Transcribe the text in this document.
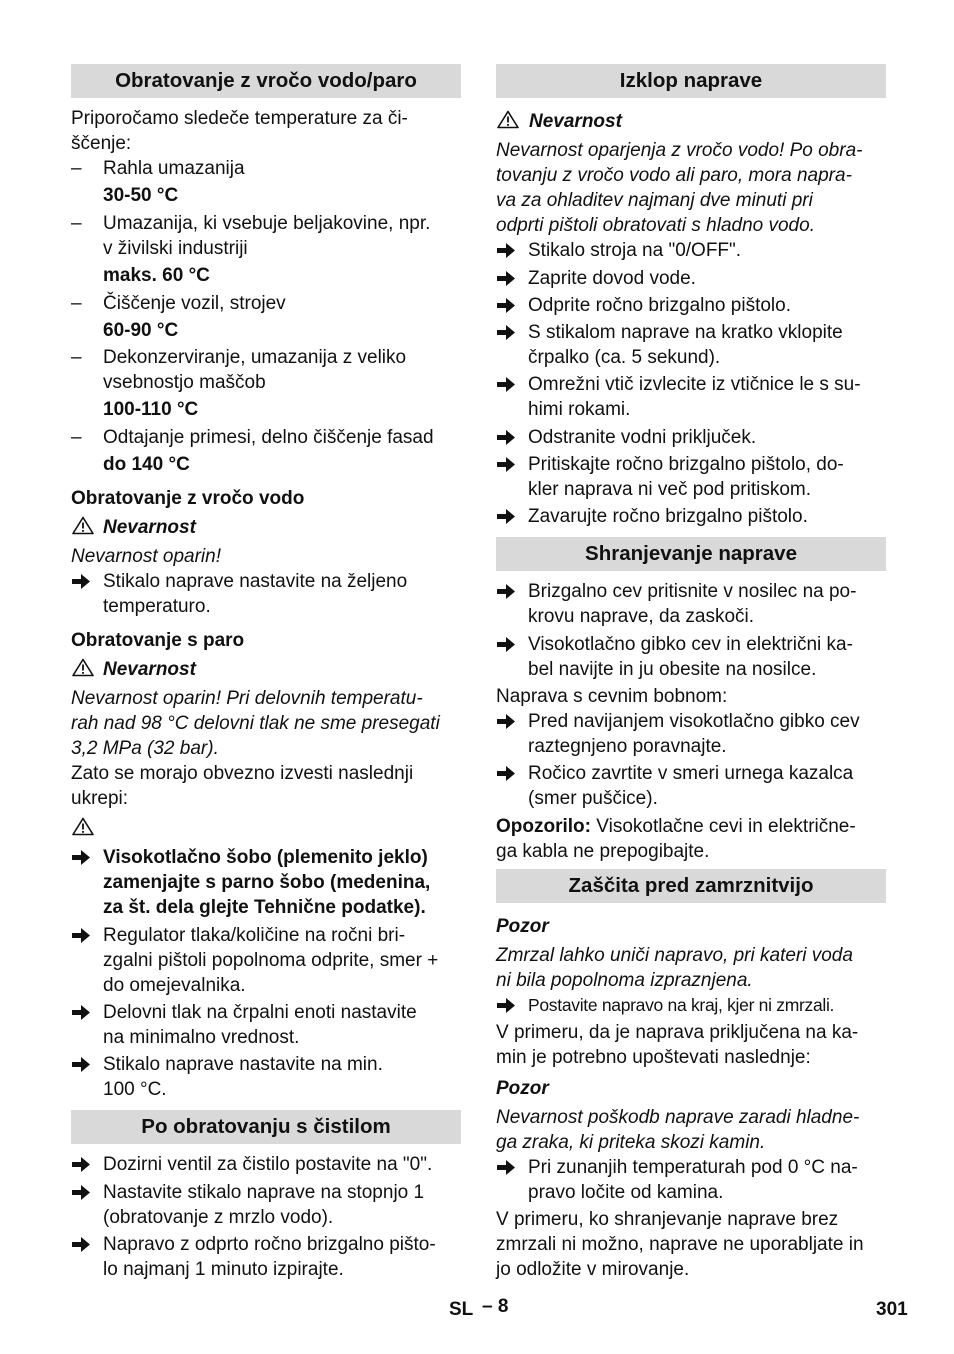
Obratovanje z vročo vodo/paro
Priporočamo sledeče temperature za či-
ščenje:
– Rahla umazanija
30-50 °C
– Umazanija, ki vsebuje beljakovine, npr.
v živilski industriji
maks. 60 °C
– Čiščenje vozil, strojev
60-90 °C
– Dekonzerviranje, umazanija z veliko
vsebnostjo maščob
100-110 °C
– Odtajanje primesi, delno čiščenje fasad
do 140 °C
Obratovanje z vročo vodo
Nevarnost
Nevarnost oparin!
Stikalo naprave nastavite na željeno
temperaturo.
Obratovanje s paro
Nevarnost
Nevarnost oparin! Pri delovnih temperatu-
rah nad 98 °C delovni tlak ne sme presegati
3,2 MPa (32 bar).
Zato se morajo obvezno izvesti naslednji
ukrepi:
Visokotlačno šobo (plemenito jeklo)
zamenjajte s parno šobo (medenina,
za št. dela glejte Tehnične podatke).
Regulator tlaka/količine na ročni bri-
zgalni pištoli popolnoma odprite, smer +
do omejevalnika.
Delovni tlak na črpalni enoti nastavite
na minimalno vrednost.
Stikalo naprave nastavite na min.
100 °C.
Po obratovanju s čistilom
Dozirni ventil za čistilo postavite na "0".
Nastavite stikalo naprave na stopnjo 1
(obratovanje z mrzlo vodo).
Napravo z odprto ročno brizgalno pišto-
lo najmanj 1 minuto izpirajte.
Izklop naprave
Nevarnost
Nevarnost oparjenja z vročo vodo! Po obra-
tovanju z vročo vodo ali paro, mora napra-
va za ohladitev najmanj dve minuti pri
odprti pištoli obratovati s hladno vodo.
Stikalo stroja na "0/OFF".
Zaprite dovod vode.
Odprite ročno brizgalno pištolo.
S stikalom naprave na kratko vklopite
črpalko (ca. 5 sekund).
Omrežni vtič izvlecite iz vtičnice le s su-
himi rokami.
Odstranite vodni priključek.
Pritiskajte ročno brizgalno pištolo, do-
kler naprava ni več pod pritiskom.
Zavarujte ročno brizgalno pištolo.
Shranjevanje naprave
Brizgalno cev pritisnite v nosilec na po-
krovu naprave, da zaskoči.
Visokotlačno gibko cev in električni ka-
bel navijte in ju obesite na nosilce.
Naprava s cevnim bobnom:
Pred navijanjem visokotlačno gibko cev
raztegnjeno poravnajte.
Ročico zavrtite v smeri urnega kazalca
(smer puščice).
Opozorilo: Visokotlačne cevi in električne-
ga kabla ne prepogibajte.
Zaščita pred zamrznitvijo
Pozor
Zmrzal lahko uniči napravo, pri kateri voda
ni bila popolnoma izpraznjena.
Postavite napravo na kraj, kjer ni zmrzali.
V primeru, da je naprava priključena na ka-
min je potrebno upoštevati naslednje:
Pozor
Nevarnost poškodb naprave zaradi hladne-
ga zraka, ki priteka skozi kamin.
Pri zunanjih temperaturah pod 0 °C na-
pravo ločite od kamina.
V primeru, ko shranjevanje naprave brez
zmrzali ni možno, naprave ne uporabljate in
jo odložite v mirovanje.
SL – 8	301
